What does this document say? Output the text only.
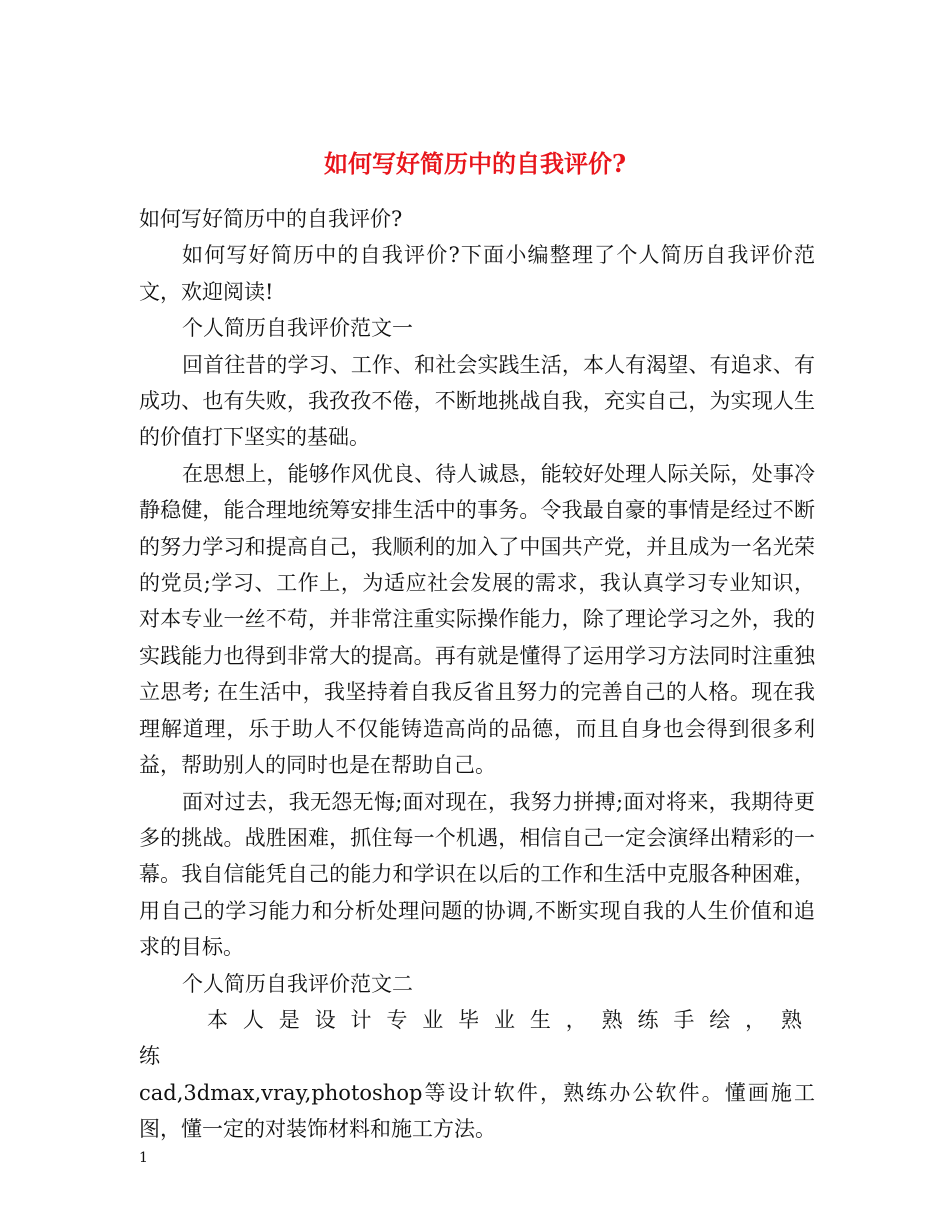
如何写好简历中的自我评价?

如何写好简历中的自我评价?

如何写好简历中的自我评价?下面小编整理了个人简历自我评价范文，欢迎阅读!

个人简历自我评价范文一

回首往昔的学习、工作、和社会实践生活，本人有渴望、有追求、有成功、也有失败，我孜孜不倦，不断地挑战自我，充实自己，为实现人生的价值打下坚实的基础。

在思想上，能够作风优良、待人诚恳，能较好处理人际关际，处事冷静稳健，能合理地统筹安排生活中的事务。令我最自豪的事情是经过不断的努力学习和提高自己，我顺利的加入了中国共产党，并且成为一名光荣的党员;学习、工作上，为适应社会发展的需求，我认真学习专业知识，对本专业一丝不苟，并非常注重实际操作能力，除了理论学习之外，我的实践能力也得到非常大的提高。再有就是懂得了运用学习方法同时注重独立思考; 在生活中，我坚持着自我反省且努力的完善自己的人格。现在我理解道理，乐于助人不仅能铸造高尚的品德，而且自身也会得到很多利益，帮助别人的同时也是在帮助自己。

面对过去，我无怨无悔;面对现在，我努力拼搏;面对将来，我期待更多的挑战。战胜困难，抓住每一个机遇，相信自己一定会演绎出精彩的一幕。我自信能凭自己的能力和学识在以后的工作和生活中克服各种困难，用自己的学习能力和分析处理问题的协调,不断实现自我的人生价值和追求的目标。

个人简历自我评价范文二

本人是设计专业毕业生，熟练手绘，熟练

cad,3dmax,vray,photoshop等设计软件，熟练办公软件。懂画施工图，懂一定的对装饰材料和施工方法。

1
